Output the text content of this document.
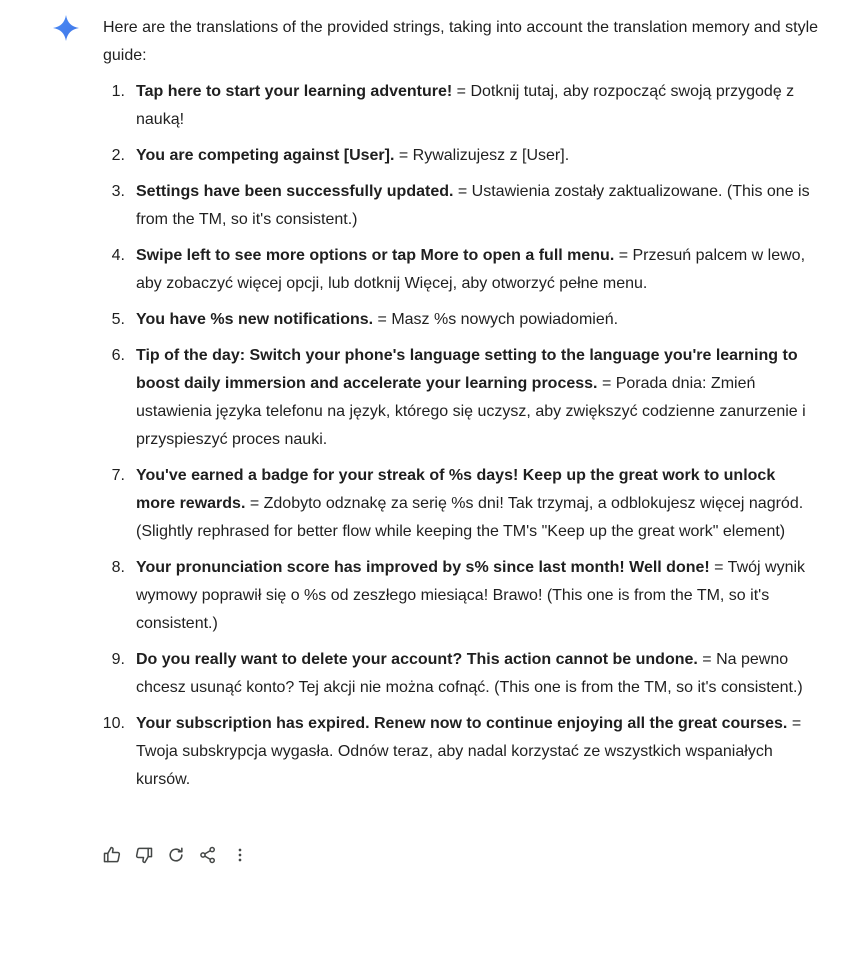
Here are the translations of the provided strings, taking into account the translation memory and style guide:

1. Tap here to start your learning adventure! = Dotknij tutaj, aby rozpocząć swoją przygodę z nauką!
2. You are competing against [User]. = Rywalizujesz z [User].
3. Settings have been successfully updated. = Ustawienia zostały zaktualizowane. (This one is from the TM, so it's consistent.)
4. Swipe left to see more options or tap More to open a full menu. = Przesuń palcem w lewo, aby zobaczyć więcej opcji, lub dotknij Więcej, aby otworzyć pełne menu.
5. You have %s new notifications. = Masz %s nowych powiadomień.
6. Tip of the day: Switch your phone's language setting to the language you're learning to boost daily immersion and accelerate your learning process. = Porada dnia: Zmień ustawienia języka telefonu na język, którego się uczysz, aby zwiększyć codzienne zanurzenie i przyspieszyć proces nauki.
7. You've earned a badge for your streak of %s days! Keep up the great work to unlock more rewards. = Zdobyto odznakę za serię %s dni! Tak trzymaj, a odblokujesz więcej nagród. (Slightly rephrased for better flow while keeping the TM's "Keep up the great work" element)
8. Your pronunciation score has improved by s% since last month! Well done! = Twój wynik wymowy poprawił się o %s od zeszłego miesiąca! Brawo! (This one is from the TM, so it's consistent.)
9. Do you really want to delete your account? This action cannot be undone. = Na pewno chcesz usunąć konto? Tej akcji nie można cofnąć. (This one is from the TM, so it's consistent.)
10. Your subscription has expired. Renew now to continue enjoying all the great courses. = Twoja subskrypcja wygasła. Odnów teraz, aby nadal korzystać ze wszystkich wspaniałych kursów.
